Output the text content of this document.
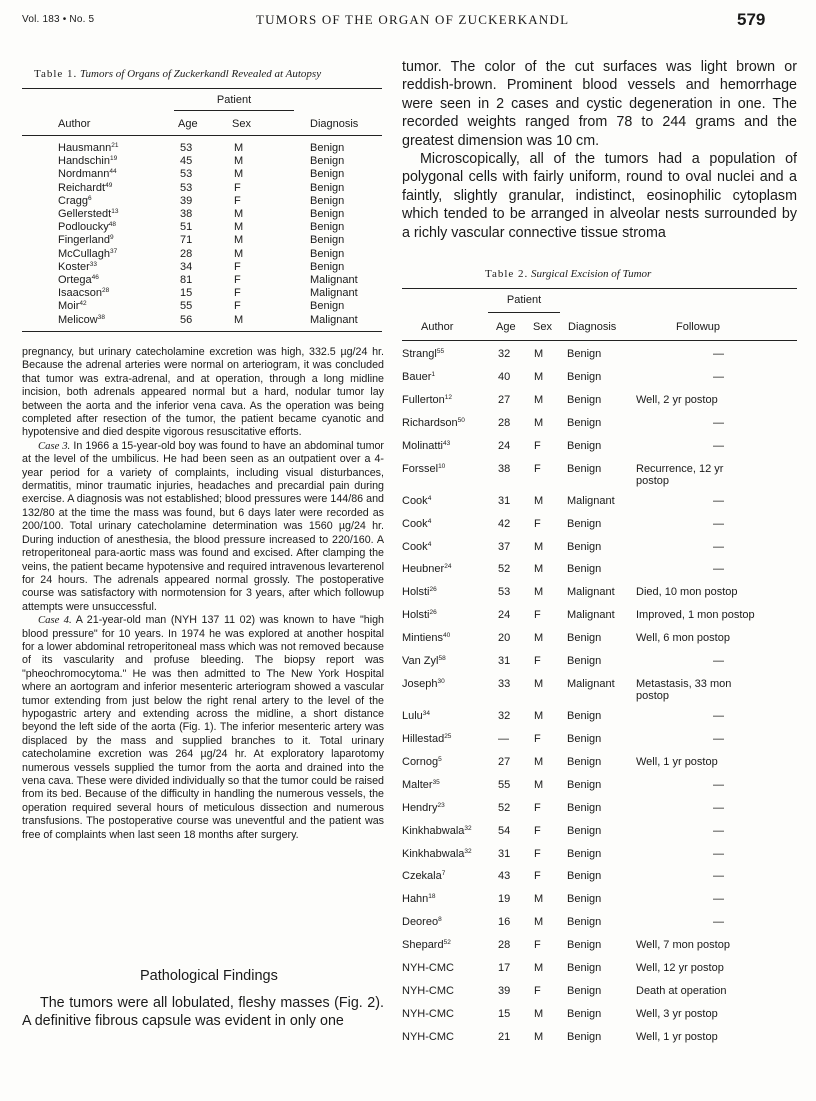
Vol. 183 • No. 5	TUMORS OF THE ORGAN OF ZUCKERKANDL	579
Table 1. Tumors of Organs of Zuckerkandl Revealed at Autopsy
Patient
Author	Age	Sex	Diagnosis
Hausmann$^{21}$	53	M	Benign
Handschin$^{19}$	45	M	Benign
Nordmann$^{44}$	53	M	Benign
Reichardt$^{49}$	53	F	Benign
Cragg$^6$	39	F	Benign
Gellerstedt$^{13}$	38	M	Benign
Podloucky$^{48}$	51	M	Benign
Fingerland$^9$	71	M	Benign
McCullagh$^{37}$	28	M	Benign
Koster$^{33}$	34	F	Benign
Ortega$^{46}$	81	F	Malignant
Isaacson$^{28}$	15	F	Malignant
Moir$^{42}$	55	F	Benign
Melicow$^{38}$	56	M	Malignant

pregnancy, but urinary catecholamine excretion was high, 332.5 µg/24 hr. Because the adrenal arteries were normal on arteriogram, it was concluded that tumor was extra-adrenal, and at operation, through a long midline incision, both adrenals appeared normal but a hard, nodular tumor lay between the aorta and the inferior vena cava. As the operation was being completed after resection of the tumor, the patient became cyanotic and hypotensive and died despite vigorous resuscitative efforts.

Case 3. In 1966 a 15-year-old boy was found to have an abdominal tumor at the level of the umbilicus. He had been seen as an outpatient over a 4-year period for a variety of complaints, including visual disturbances, dermatitis, minor traumatic injuries, headaches and precardial pain during exercise. A diagnosis was not established; blood pressures were 144/86 and 132/80 at the time the mass was found, but 6 days later were recorded as 200/100. Total urinary catecholamine determination was 1560 µg/24 hr. During induction of anesthesia, the blood pressure increased to 220/160. A retroperitoneal para-aortic mass was found and excised. After clamping the veins, the patient became hypotensive and required intravenous levarterenol for 24 hours. The adrenals appeared normal grossly. The postoperative course was satisfactory with normotension for 3 years, after which followup attempts were unsuccessful.

Case 4. A 21-year-old man (NYH 137 11 02) was known to have "high blood pressure" for 10 years. In 1974 he was explored at another hospital for a lower abdominal retroperitoneal mass which was not removed because of its vascularity and profuse bleeding. The biopsy report was "pheochromocytoma." He was then admitted to The New York Hospital where an aortogram and inferior mesenteric arteriogram showed a vascular tumor extending from just below the right renal artery to the level of the hypogastric artery and extending across the midline, a short distance beyond the left side of the aorta (Fig. 1). The inferior mesenteric artery was displaced by the mass and supplied branches to it. Total urinary catecholamine excretion was 264 µg/24 hr. At exploratory laparotomy numerous vessels supplied the tumor from the aorta and drained into the vena cava. These were divided individually so that the tumor could be raised from its bed. Because of the difficulty in handling the numerous vessels, the operation required several hours of meticulous dissection and numerous transfusions. The postoperative course was uneventful and the patient was free of complaints when last seen 18 months after surgery.

Pathological Findings

The tumors were all lobulated, fleshy masses (Fig. 2). A definitive fibrous capsule was evident in only one

tumor. The color of the cut surfaces was light brown or reddish-brown. Prominent blood vessels and hemorrhage were seen in 2 cases and cystic degeneration in one. The recorded weights ranged from 78 to 244 grams and the greatest dimension was 10 cm.

Microscopically, all of the tumors had a population of polygonal cells with fairly uniform, round to oval nuclei and a faintly, slightly granular, indistinct, eosinophilic cytoplasm which tended to be arranged in alveolar nests surrounded by a richly vascular connective tissue stroma

Table 2. Surgical Excision of Tumor
Patient
Author	Age Sex Diagnosis	Followup
Strangl$^{55}$	32 M Benign	—
Bauer$^1$	40 M Benign	—
Fullerton$^{12}$	27 M Benign	Well, 2 yr postop
Richardson$^{50}$	28 M Benign	—
Molinatti$^{43}$	24 F Benign	—
Forssel$^{10}$	38 F Benign	Recurrence, 12 yr
postop
Cook$^4$	31 M Malignant	—
Cook$^4$	42 F Benign	—
Cook$^4$	37 M Benign	—
Heubner$^{24}$	52 M Benign	—
Holsti$^{26}$	53 M Malignant Died, 10 mon postop
Holsti$^{26}$	24 F Malignant Improved, 1 mon postop
Mintiens$^{40}$	20 M Benign	Well, 6 mon postop
Van Zyl$^{58}$	31 F Benign	—
Joseph$^{30}$	33 M Malignant Metastasis, 33 mon
postop
Lulu$^{34}$	32 M Benign	—
Hillestad$^{25}$	— F Benign	—
Cornog$^5$	27 M Benign	Well, 1 yr postop
Malter$^{35}$	55 M Benign	—
Hendry$^{23}$	52 F Benign	—
Kinkhabwala$^{32}$ 54 F Benign	—
Kinkhabwala$^{32}$ 31 F Benign	—
Czekala$^7$	43 F Benign	—
Hahn$^{18}$	19 M Benign	—
Deoreo$^8$	16 M Benign	—
Shepard$^{52}$	28 F Benign	Well, 7 mon postop
NYH-CMC	17 M Benign	Well, 12 yr postop
NYH-CMC	39 F Benign	Death at operation
NYH-CMC	15 M Benign	Well, 3 yr postop
NYH-CMC	21 M Benign	Well, 1 yr postop
